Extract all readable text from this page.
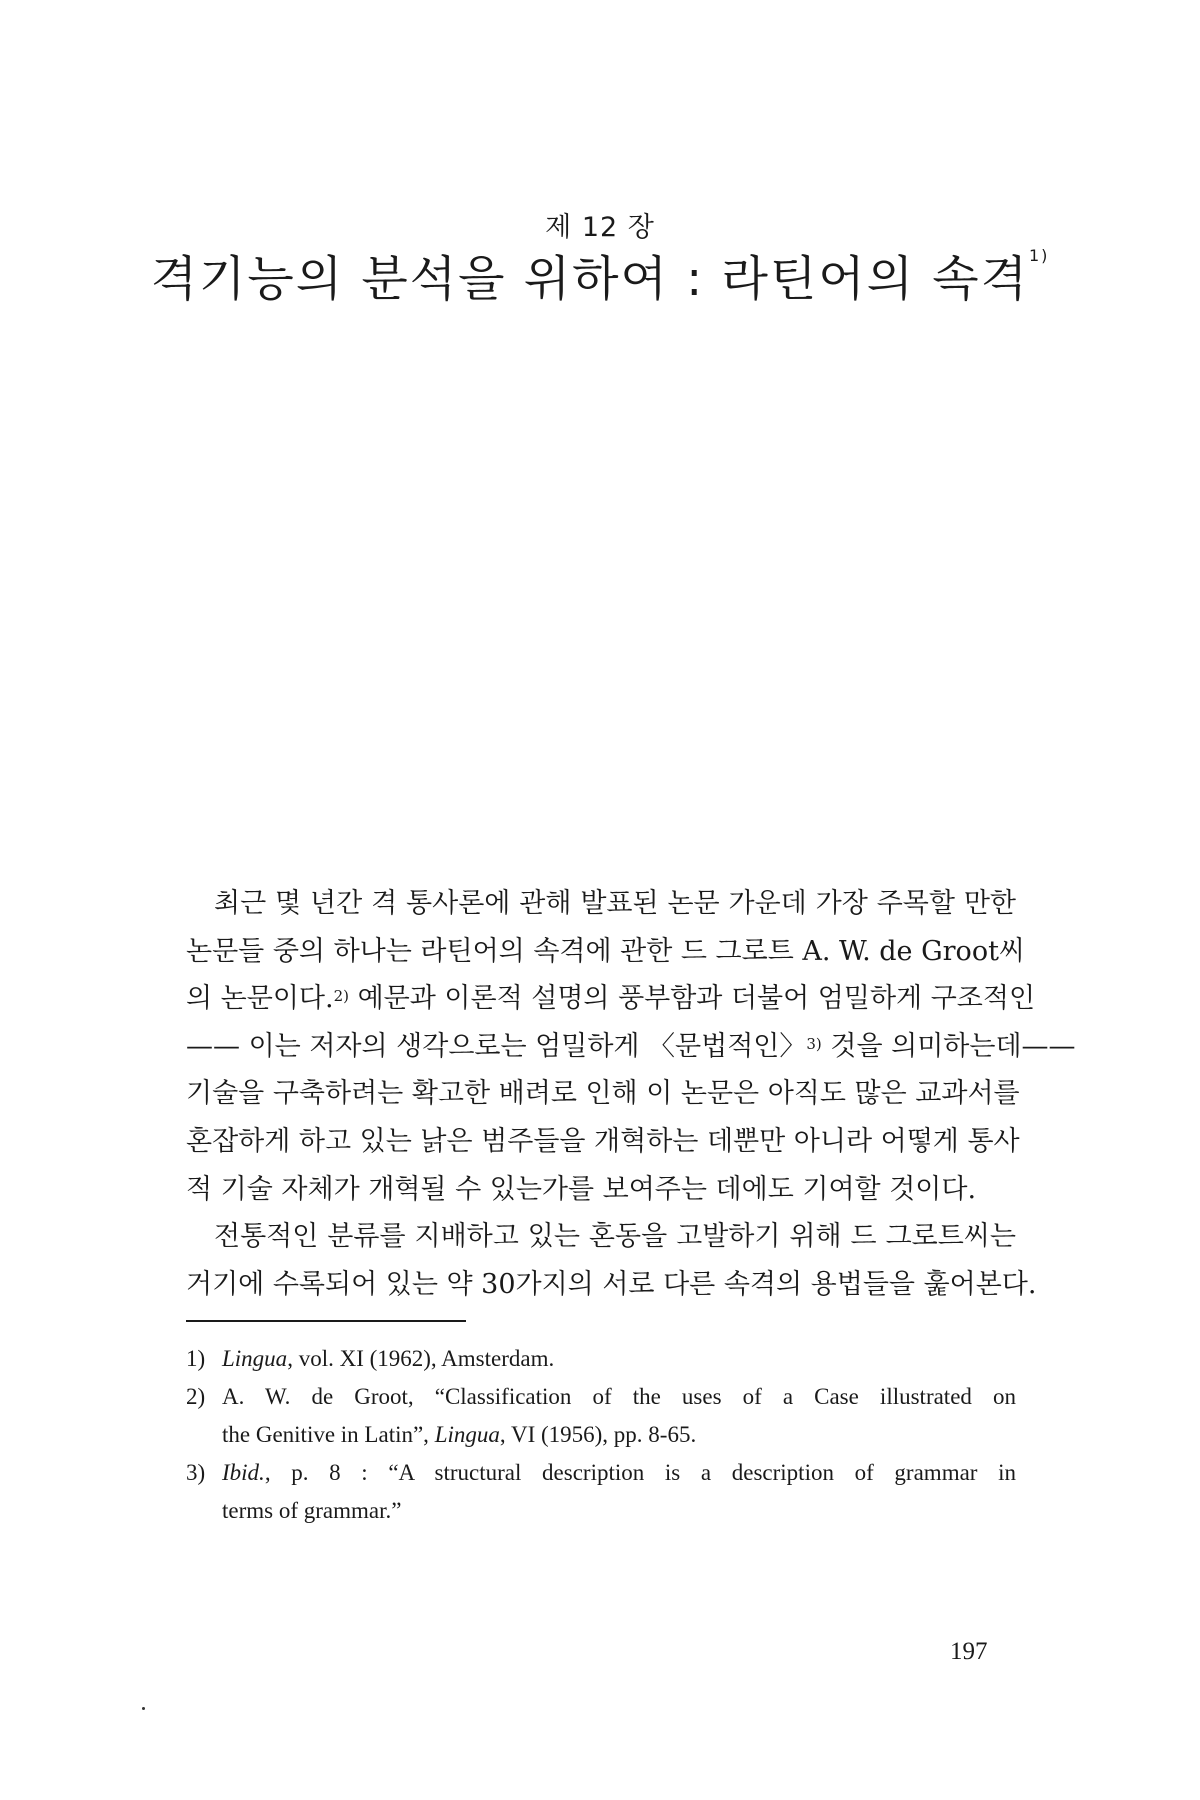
제 12 장
격기능의 분석을 위하여 : 라틴어의 속격$^{1)}$
최근 몇 년간 격 통사론에 관해 발표된 논문 가운데 가장 주목할 만한
논문들 중의 하나는 라틴어의 속격에 관한 드 그로트 A. W. de Groot씨
의 논문이다.$^{2)}$ 예문과 이론적 설명의 풍부함과 더불어 엄밀하게 구조적인
—— 이는 저자의 생각으로는 엄밀하게 〈문법적인〉$^{3)}$ 것을 의미하는데——
기술을 구축하려는 확고한 배려로 인해 이 논문은 아직도 많은 교과서를
혼잡하게 하고 있는 낡은 범주들을 개혁하는 데뿐만 아니라 어떻게 통사
적 기술 자체가 개혁될 수 있는가를 보여주는 데에도 기여할 것이다.
전통적인 분류를 지배하고 있는 혼동을 고발하기 위해 드 그로트씨는
거기에 수록되어 있는 약 30가지의 서로 다른 속격의 용법들을 훑어본다.
1) Lingua, vol. XI (1962), Amsterdam.
2) A. W. de Groot, “Classification of the uses of a Case illustrated on
the Genitive in Latin”, Lingua, VI (1956), pp. 8-65.
3) Ibid., p. 8 : “A structural description is a description of grammar in
terms of grammar.”
197
